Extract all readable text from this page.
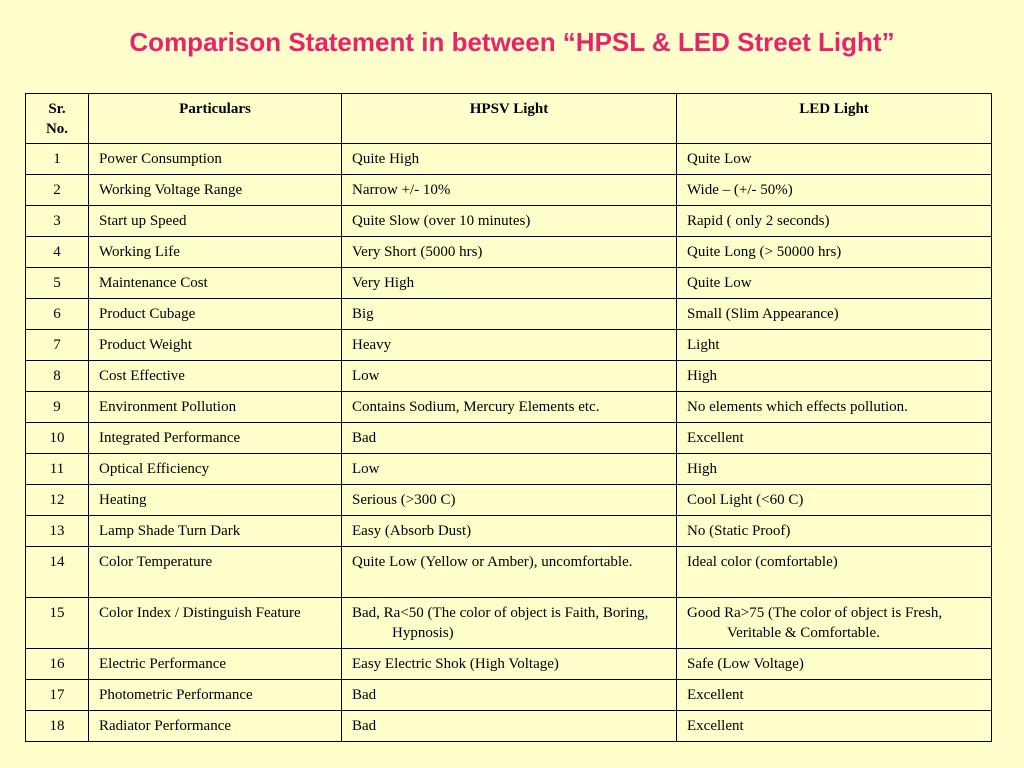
Comparison Statement in between “HPSL & LED Street Light”
Sr. No.	Particulars	HPSV Light	LED Light
1	Power Consumption	Quite High	Quite Low
2	Working Voltage Range	Narrow +/- 10%	Wide – (+/- 50%)
3	Start up Speed	Quite Slow (over 10 minutes)	Rapid ( only 2 seconds)
4	Working Life	Very Short (5000 hrs)	Quite Long (> 50000 hrs)
5	Maintenance Cost	Very High	Quite Low
6	Product Cubage	Big	Small (Slim Appearance)
7	Product Weight	Heavy	Light
8	Cost Effective	Low	High
9	Environment Pollution	Contains Sodium, Mercury Elements etc.	No elements which effects pollution.
10	Integrated Performance	Bad	Excellent
11	Optical Efficiency	Low	High
12	Heating	Serious (>300 C)	Cool Light (<60 C)
13	Lamp Shade Turn Dark	Easy (Absorb Dust)	No (Static Proof)
14	Color Temperature	Quite Low (Yellow or Amber), uncomfortable.	Ideal color (comfortable)
15	Color Index / Distinguish Feature	Bad, Ra<50 (The color of object is Faith, Boring, Hypnosis)	Good Ra>75 (The color of object is Fresh, Veritable & Comfortable.

16	Electric Performance	Easy Electric Shok (High Voltage)	Safe (Low Voltage)
17	Photometric Performance	Bad	Excellent
18	Radiator Performance	Bad	Excellent
